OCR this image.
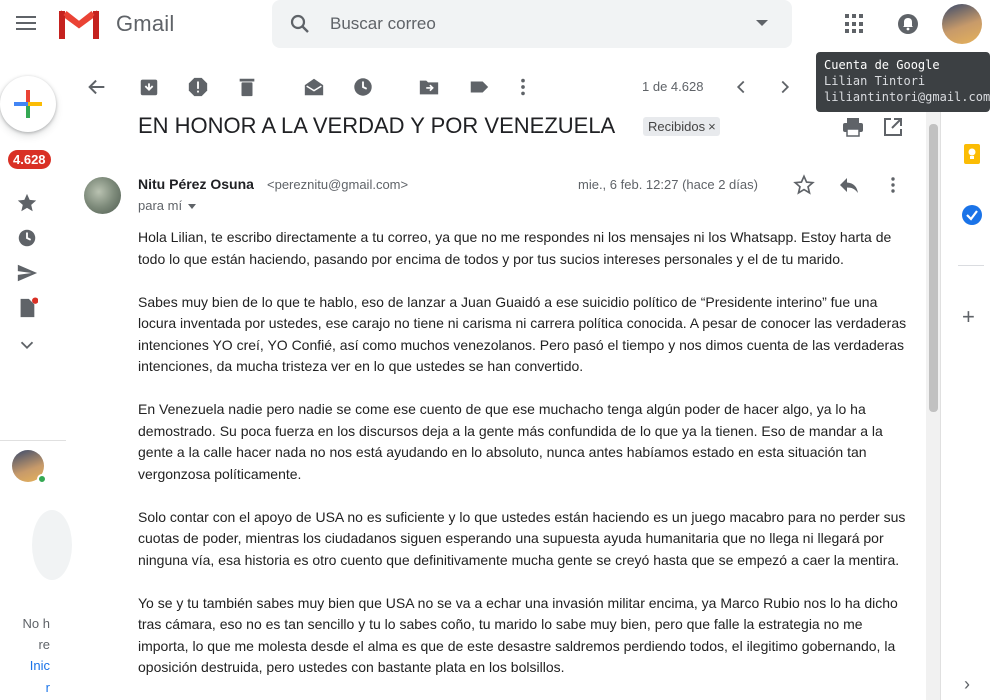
Gmail
Buscar correo
Cuenta de Google
Lilian Tintori
liliantintori@gmail.com
4.628
No h
re
Inic
r
1 de 4.628
EN HONOR A LA VERDAD Y POR VENEZUELA	Recibidos ×
Nitu Pérez Osuna <pereznitu@gmail.com>
para mí
mie., 6 feb. 12:27 (hace 2 días)

Hola Lilian, te escribo directamente a tu correo, ya que no me respondes ni los mensajes ni los Whatsapp. Estoy harta de todo lo que están haciendo, pasando por encima de todos y por tus sucios intereses personales y el de tu marido.

Sabes muy bien de lo que te hablo, eso de lanzar a Juan Guaidó a ese suicidio político de “Presidente interino” fue una locura inventada por ustedes, ese carajo no tiene ni carisma ni carrera política conocida. A pesar de conocer las verdaderas intenciones YO creí, YO Confié, así como muchos venezolanos. Pero pasó el tiempo y nos dimos cuenta de las verdaderas intenciones, da mucha tristeza ver en lo que ustedes se han convertido.

En Venezuela nadie pero nadie se come ese cuento de que ese muchacho tenga algún poder de hacer algo, ya lo ha demostrado. Su poca fuerza en los discursos deja a la gente más confundida de lo que ya la tienen. Eso de mandar a la gente a la calle hacer nada no nos está ayudando en lo absoluto, nunca antes habíamos estado en esta situación tan vergonzosa políticamente.

Solo contar con el apoyo de USA no es suficiente y lo que ustedes están haciendo es un juego macabro para no perder sus cuotas de poder, mientras los ciudadanos siguen esperando una supuesta ayuda humanitaria que no llega ni llegará por ninguna vía, esa historia es otro cuento que definitivamente mucha gente se creyó hasta que se empezó a caer la mentira.

Yo se y tu también sabes muy bien que USA no se va a echar una invasión militar encima, ya Marco Rubio nos lo ha dicho tras cámara, eso no es tan sencillo y tu lo sabes coño, tu marido lo sabe muy bien, pero que falle la estrategia no me importa, lo que me molesta desde el alma es que de este desastre saldremos perdiendo todos, el ilegitimo gobernando, la oposición destruida, pero ustedes con bastante plata en los bolsillos.

+
›
